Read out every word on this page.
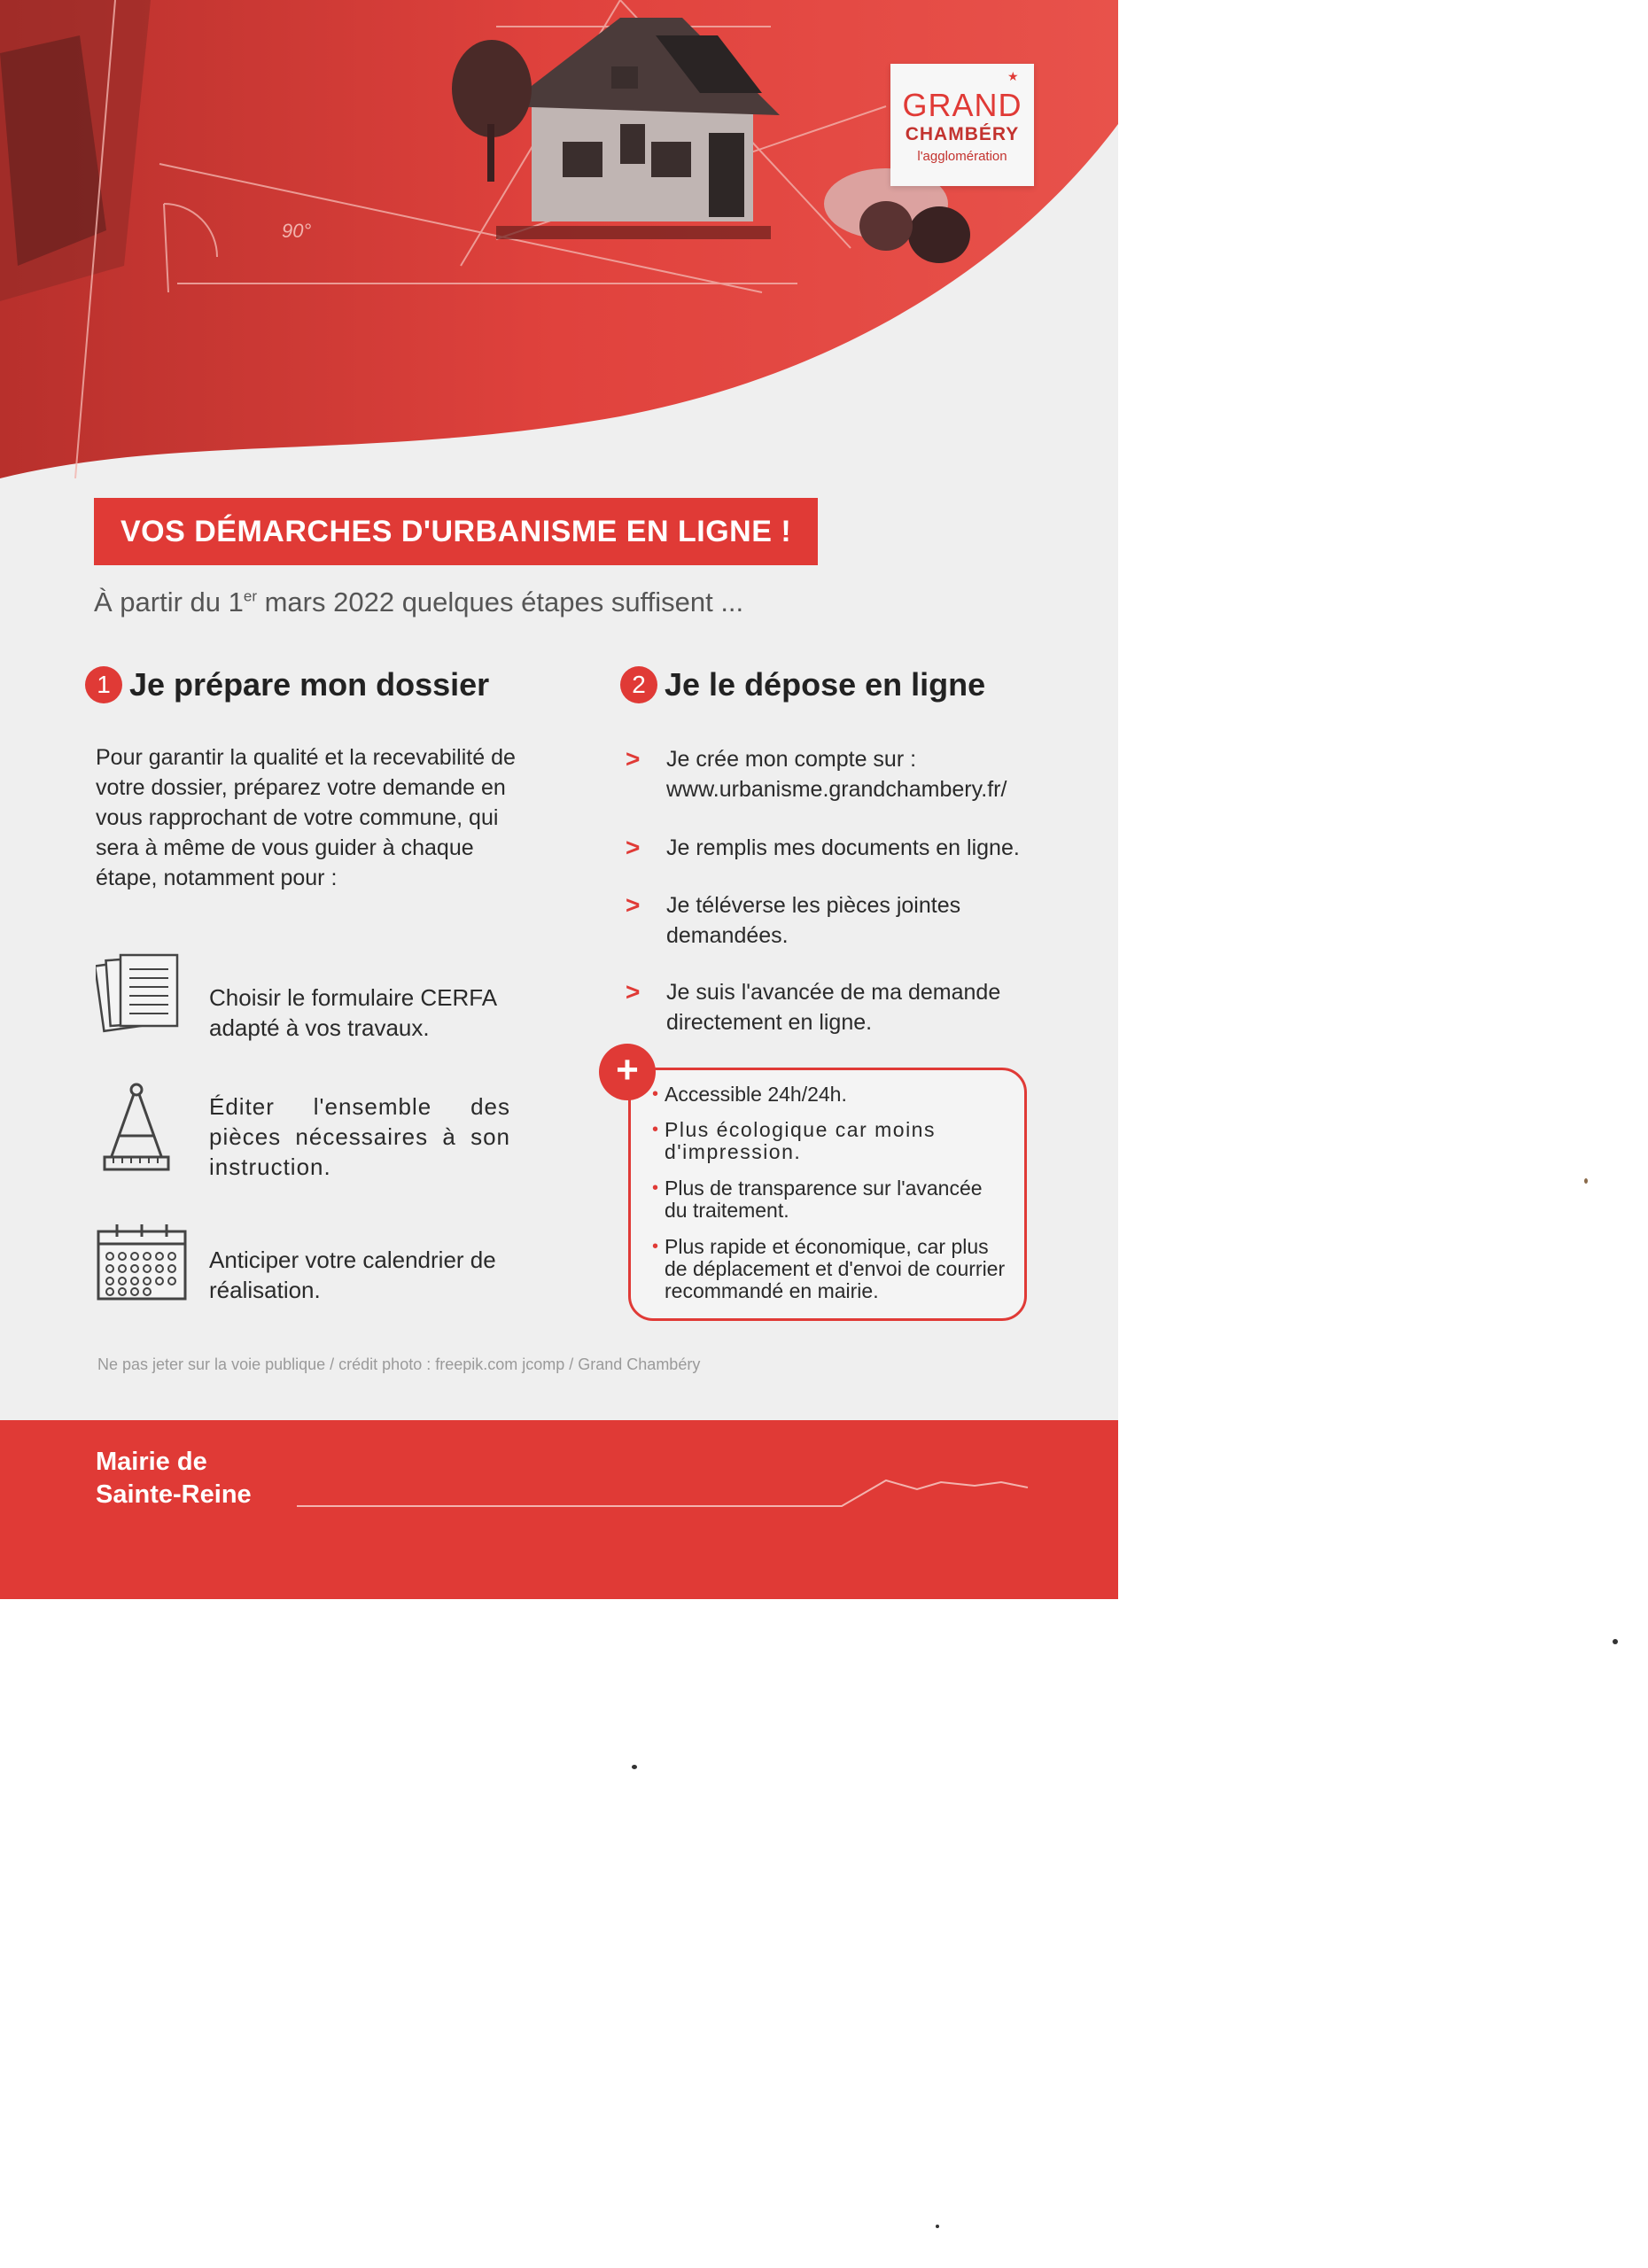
90°
★
GRAND
CHAMBÉRY
l'agglomération
VOS DÉMARCHES D'URBANISME EN LIGNE !
À partir du 1er mars 2022 quelques étapes suffisent ...
1 Je prépare mon dossier
Pour garantir la qualité et la recevabilité de votre dossier, préparez votre demande en vous rapprochant de votre commune, qui sera à même de vous guider à chaque étape, notamment pour :
Choisir le formulaire CERFA adapté à vos travaux.
Éditer l'ensemble des pièces nécessaires à son instruction.
Anticiper votre calendrier de réalisation.
2 Je le dépose en ligne
> Je crée mon compte sur : www.urbanisme.grandchambery.fr/
> Je remplis mes documents en ligne.
> Je téléverse les pièces jointes demandées.
> Je suis l'avancée de ma demande directement en ligne.
+
• Accessible 24h/24h.
• Plus écologique car moins d'impression.
• Plus de transparence sur l'avancée du traitement.
• Plus rapide et économique, car plus de déplacement et d'envoi de courrier recommandé en mairie.
Ne pas jeter sur la voie publique / crédit photo : freepik.com jcomp / Grand Chambéry
Mairie de
Sainte-Reine
